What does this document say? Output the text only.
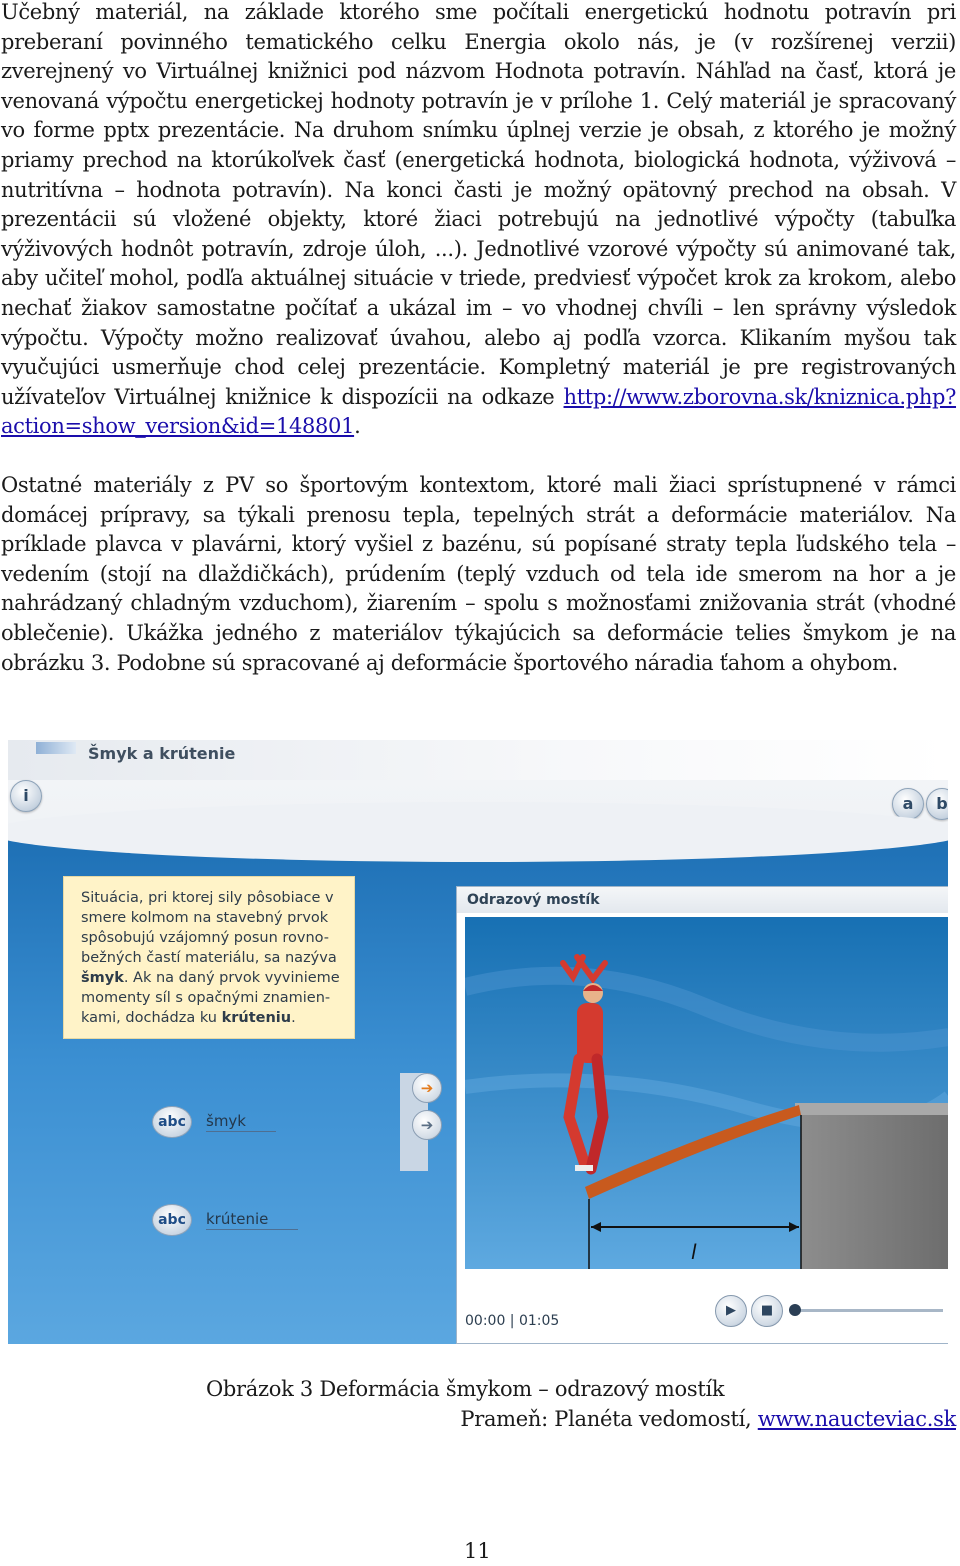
Učebný materiál, na základe ktorého sme počítali energetickú hodnotu potravín pri preberaní povinného tematického celku Energia okolo nás, je (v rozšírenej verzii) zverejnený vo Virtuálnej knižnici pod názvom Hodnota potravín. Náhľad na časť, ktorá je venovaná výpočtu energetickej hodnoty potravín je v prílohe 1. Celý materiál je spracovaný vo forme pptx prezentácie. Na druhom snímku úplnej verzie je obsah, z ktorého je možný priamy prechod na ktorúkoľvek časť (energetická hodnota, biologická hodnota, výživová – nutritívna – hodnota potravín). Na konci časti je možný opätovný prechod na obsah. V prezentácii sú vložené objekty, ktoré žiaci potrebujú na jednotlivé výpočty (tabuľka výživových hodnôt potravín, zdroje úloh, ...). Jednotlivé vzorové výpočty sú animované tak, aby učiteľ mohol, podľa aktuálnej situácie v triede, predviesť výpočet krok za krokom, alebo nechať žiakov samostatne počítať a ukázal im – vo vhodnej chvíli – len správny výsledok výpočtu. Výpočty možno realizovať úvahou, alebo aj podľa vzorca. Klikaním myšou tak vyučujúci usmerňuje chod celej prezentácie. Kompletný materiál je pre registrovaných užívateľov Virtuálnej knižnice k dispozícii na odkaze http://www.zborovna.sk/kniznica.php?action=show_version&id=148801.

Ostatné materiály z PV so športovým kontextom, ktoré mali žiaci sprístupnené v rámci domácej prípravy, sa týkali prenosu tepla, tepelných strát a deformácie materiálov. Na príklade plavca v plavárni, ktorý vyšiel z bazénu, sú popísané straty tepla ľudského tela – vedením (stojí na dlaždičkách), prúdením (teplý vzduch od tela ide smerom na hor a je nahrádzaný chladným vzduchom), žiarením – spolu s možnosťami znižovania strát (vhodné oblečenie). Ukážka jedného z materiálov týkajúcich sa deformácie telies šmykom je na obrázku 3. Podobne sú spracované aj deformácie športového náradia ťahom a ohybom.

Šmyk a krútenie
i	a	b
Situácia, pri ktorej sily pôsobiace v smere kolmom na stavebný prvok spôsobujú vzájomný posun rovno-bežných častí materiálu, sa nazýva šmyk. Ak na daný prvok vyvinieme momenty síl s opačnými znamien-kami, dochádza ku krúteniu.
➔
➔
abc	šmyk
abc	krútenie
Odrazový mostík
l
00:00 | 01:05
▶	■
Obrázok 3 Deformácia šmykom – odrazový mostík
Prameň: Planéta vedomostí, www.naucteviac.sk
11
